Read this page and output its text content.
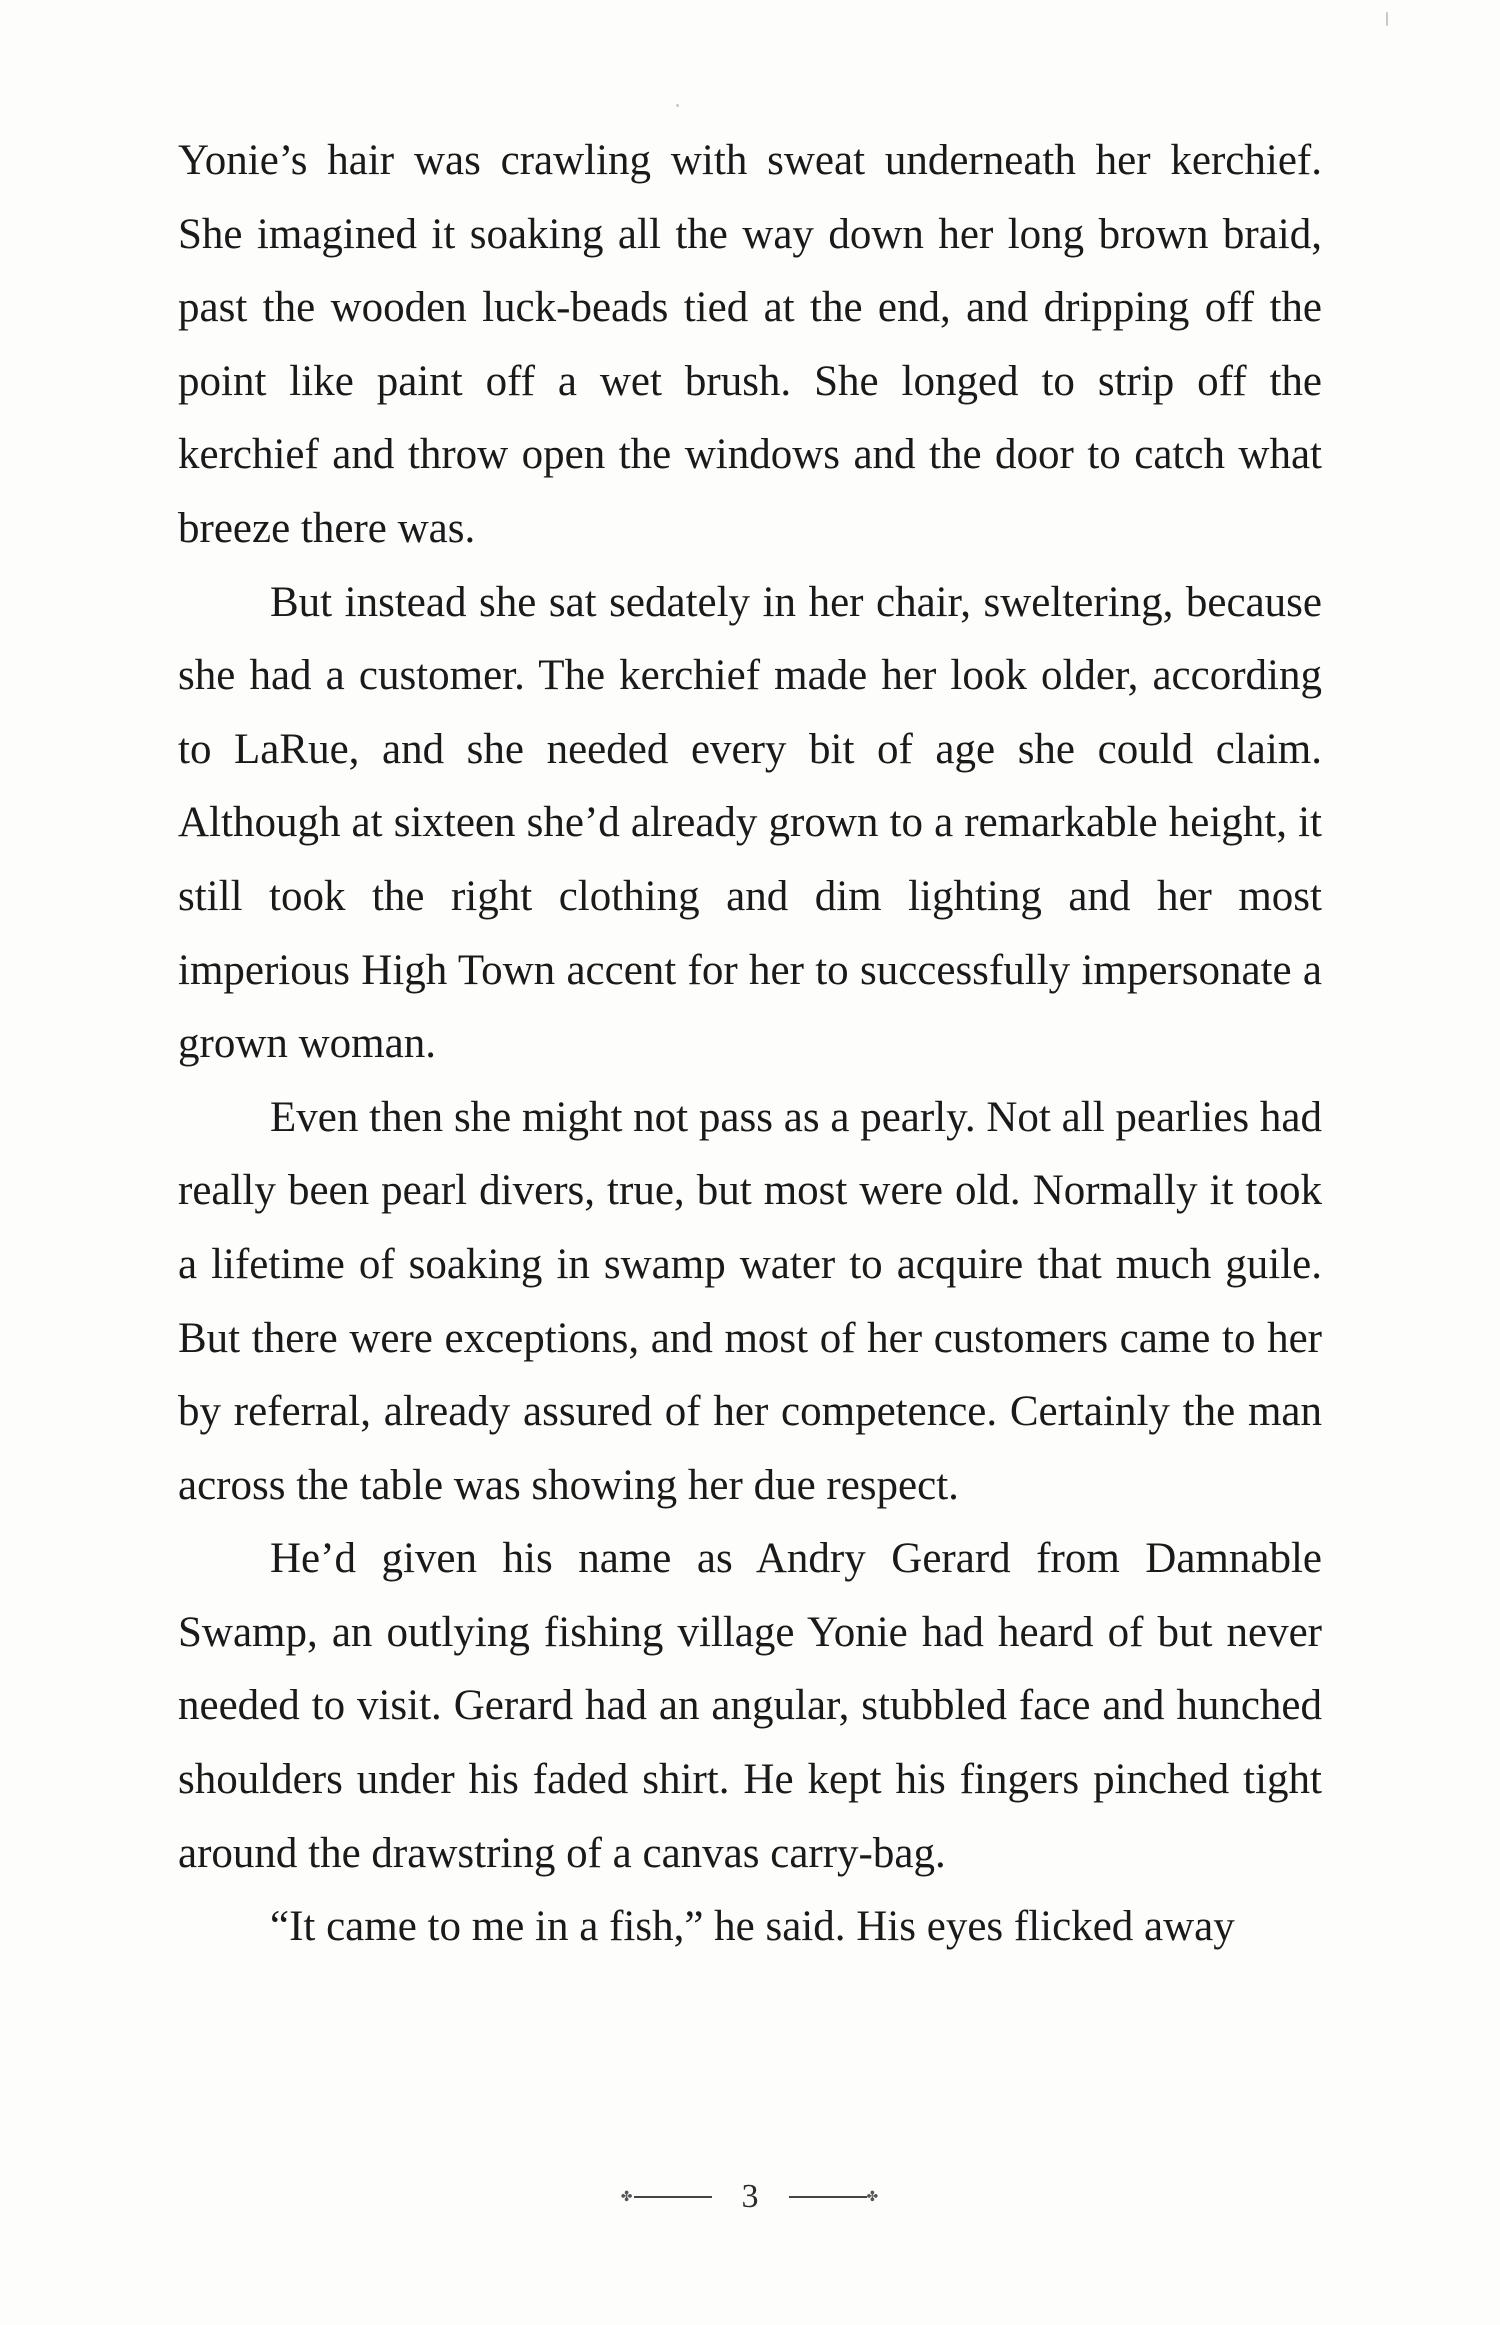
Yonie’s hair was crawling with sweat underneath her kerchief. She imagined it soaking all the way down her long brown braid, past the wooden luck-beads tied at the end, and dripping off the point like paint off a wet brush. She longed to strip off the kerchief and throw open the windows and the door to catch what breeze there was.

But instead she sat sedately in her chair, sweltering, because she had a customer. The kerchief made her look older, according to LaRue, and she needed every bit of age she could claim. Although at sixteen she’d already grown to a remarkable height, it still took the right clothing and dim lighting and her most imperious High Town accent for her to successfully impersonate a grown woman.

Even then she might not pass as a pearly. Not all pearlies had really been pearl divers, true, but most were old. Normally it took a lifetime of soaking in swamp water to acquire that much guile. But there were exceptions, and most of her customers came to her by referral, already assured of her competence. Certainly the man across the table was showing her due respect.

He’d given his name as Andry Gerard from Damnable Swamp, an outlying fishing village Yonie had heard of but never needed to visit. Gerard had an angular, stubbled face and hunched shoulders under his faded shirt. He kept his fingers pinched tight around the drawstring of a canvas carry-bag.

“It came to me in a fish,” he said. His eyes flicked away

✤	3	✤
